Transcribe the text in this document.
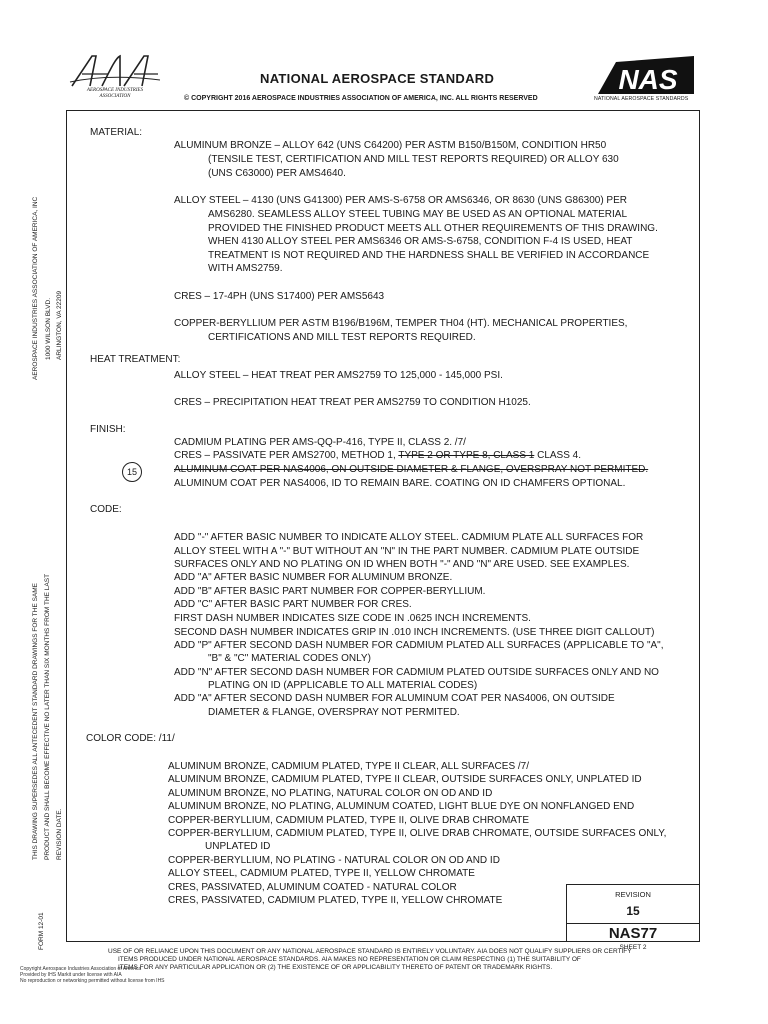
AEROSPACE INDUSTRIES
ASSOCIATION
NATIONAL AEROSPACE STANDARD
© COPYRIGHT 2016 AEROSPACE INDUSTRIES ASSOCIATION OF AMERICA, INC. ALL RIGHTS RESERVED
NAS
NATIONAL AEROSPACE STANDARDS
MATERIAL:
ALUMINUM BRONZE – ALLOY 642 (UNS C64200) PER ASTM B150/B150M, CONDITION HR50
(TENSILE TEST, CERTIFICATION AND MILL TEST REPORTS REQUIRED) OR ALLOY 630
(UNS C63000) PER AMS4640.
ALLOY STEEL – 4130 (UNS G41300) PER AMS-S-6758 OR AMS6346, OR 8630 (UNS G86300) PER
AMS6280. SEAMLESS ALLOY STEEL TUBING MAY BE USED AS AN OPTIONAL MATERIAL
PROVIDED THE FINISHED PRODUCT MEETS ALL OTHER REQUIREMENTS OF THIS DRAWING.
WHEN 4130 ALLOY STEEL PER AMS6346 OR AMS-S-6758, CONDITION F-4 IS USED, HEAT
TREATMENT IS NOT REQUIRED AND THE HARDNESS SHALL BE VERIFIED IN ACCORDANCE
WITH AMS2759.
CRES – 17-4PH (UNS S17400) PER AMS5643
COPPER-BERYLLIUM PER ASTM B196/B196M, TEMPER TH04 (HT). MECHANICAL PROPERTIES,
CERTIFICATIONS AND MILL TEST REPORTS REQUIRED.
HEAT TREATMENT:
ALLOY STEEL – HEAT TREAT PER AMS2759 TO 125,000 - 145,000 PSI.
CRES – PRECIPITATION HEAT TREAT PER AMS2759 TO CONDITION H1025.
FINISH:
CADMIUM PLATING PER AMS-QQ-P-416, TYPE II, CLASS 2. /7/
CRES – PASSIVATE PER AMS2700, METHOD 1, TYPE 2 OR TYPE 8, CLASS 1 CLASS 4.
15	ALUMINUM COAT PER NAS4006, ON OUTSIDE DIAMETER & FLANGE, OVERSPRAY NOT PERMITED.
ALUMINUM COAT PER NAS4006, ID TO REMAIN BARE. COATING ON ID CHAMFERS OPTIONAL.
CODE:
ADD "-" AFTER BASIC NUMBER TO INDICATE ALLOY STEEL. CADMIUM PLATE ALL SURFACES FOR
ALLOY STEEL WITH A "-" BUT WITHOUT AN "N" IN THE PART NUMBER. CADMIUM PLATE OUTSIDE
SURFACES ONLY AND NO PLATING ON ID WHEN BOTH "-" AND "N" ARE USED. SEE EXAMPLES.
ADD "A" AFTER BASIC NUMBER FOR ALUMINUM BRONZE.
ADD "B" AFTER BASIC PART NUMBER FOR COPPER-BERYLLIUM.
ADD "C" AFTER BASIC PART NUMBER FOR CRES.
FIRST DASH NUMBER INDICATES SIZE CODE IN .0625 INCH INCREMENTS.
SECOND DASH NUMBER INDICATES GRIP IN .010 INCH INCREMENTS. (USE THREE DIGIT CALLOUT)
ADD "P" AFTER SECOND DASH NUMBER FOR CADMIUM PLATED ALL SURFACES (APPLICABLE TO "A",
"B" & "C" MATERIAL CODES ONLY)
ADD "N" AFTER SECOND DASH NUMBER FOR CADMIUM PLATED OUTSIDE SURFACES ONLY AND NO
PLATING ON ID (APPLICABLE TO ALL MATERIAL CODES)
ADD "A" AFTER SECOND DASH NUMBER FOR ALUMINUM COAT PER NAS4006, ON OUTSIDE
DIAMETER & FLANGE, OVERSPRAY NOT PERMITED.
COLOR CODE: /11/
ALUMINUM BRONZE, CADMIUM PLATED, TYPE II CLEAR, ALL SURFACES /7/
ALUMINUM BRONZE, CADMIUM PLATED, TYPE II CLEAR, OUTSIDE SURFACES ONLY, UNPLATED ID
ALUMINUM BRONZE, NO PLATING, NATURAL COLOR ON OD AND ID
ALUMINUM BRONZE, NO PLATING, ALUMINUM COATED, LIGHT BLUE DYE ON NONFLANGED END
COPPER-BERYLLIUM, CADMIUM PLATED, TYPE II, OLIVE DRAB CHROMATE
COPPER-BERYLLIUM, CADMIUM PLATED, TYPE II, OLIVE DRAB CHROMATE, OUTSIDE SURFACES ONLY,
UNPLATED ID
COPPER-BERYLLIUM, NO PLATING - NATURAL COLOR ON OD AND ID
ALLOY STEEL, CADMIUM PLATED, TYPE II, YELLOW CHROMATE
CRES, PASSIVATED, ALUMINUM COATED - NATURAL COLOR
CRES, PASSIVATED, CADMIUM PLATED, TYPE II, YELLOW CHROMATE
AEROSPACE INDUSTRIES ASSOCIATION OF AMERICA, INC 1000 WILSON BLVD. ARLINGTON, VA 22209
THIS DRAWING SUPERSEDES ALL ANTECEDENT STANDARD DRAWINGS FOR THE SAME PRODUCT AND SHALL BECOME EFFECTIVE NO LATER THAN SIX MONTHS FROM THE LAST REVISION DATE.
FORM 12-01
REVISION
15
NAS77
SHEET 2
USE OF OR RELIANCE UPON THIS DOCUMENT OR ANY NATIONAL AEROSPACE STANDARD IS ENTIRELY VOLUNTARY. AIA DOES NOT QUALIFY SUPPLIERS OR CERTIFY
ITEMS PRODUCED UNDER NATIONAL AEROSPACE STANDARDS. AIA MAKES NO REPRESENTATION OR CLAIM RESPECTING (1) THE SUITABILITY OF
ITEMS FOR ANY PARTICULAR APPLICATION OR (2) THE EXISTENCE OF OR APPLICABILITY THERETO OF PATENT OR TRADEMARK RIGHTS.
Copyright Aerospace Industries Association of America
Provided by IHS Markit under license with AIA
No reproduction or networking permitted without license from IHS
